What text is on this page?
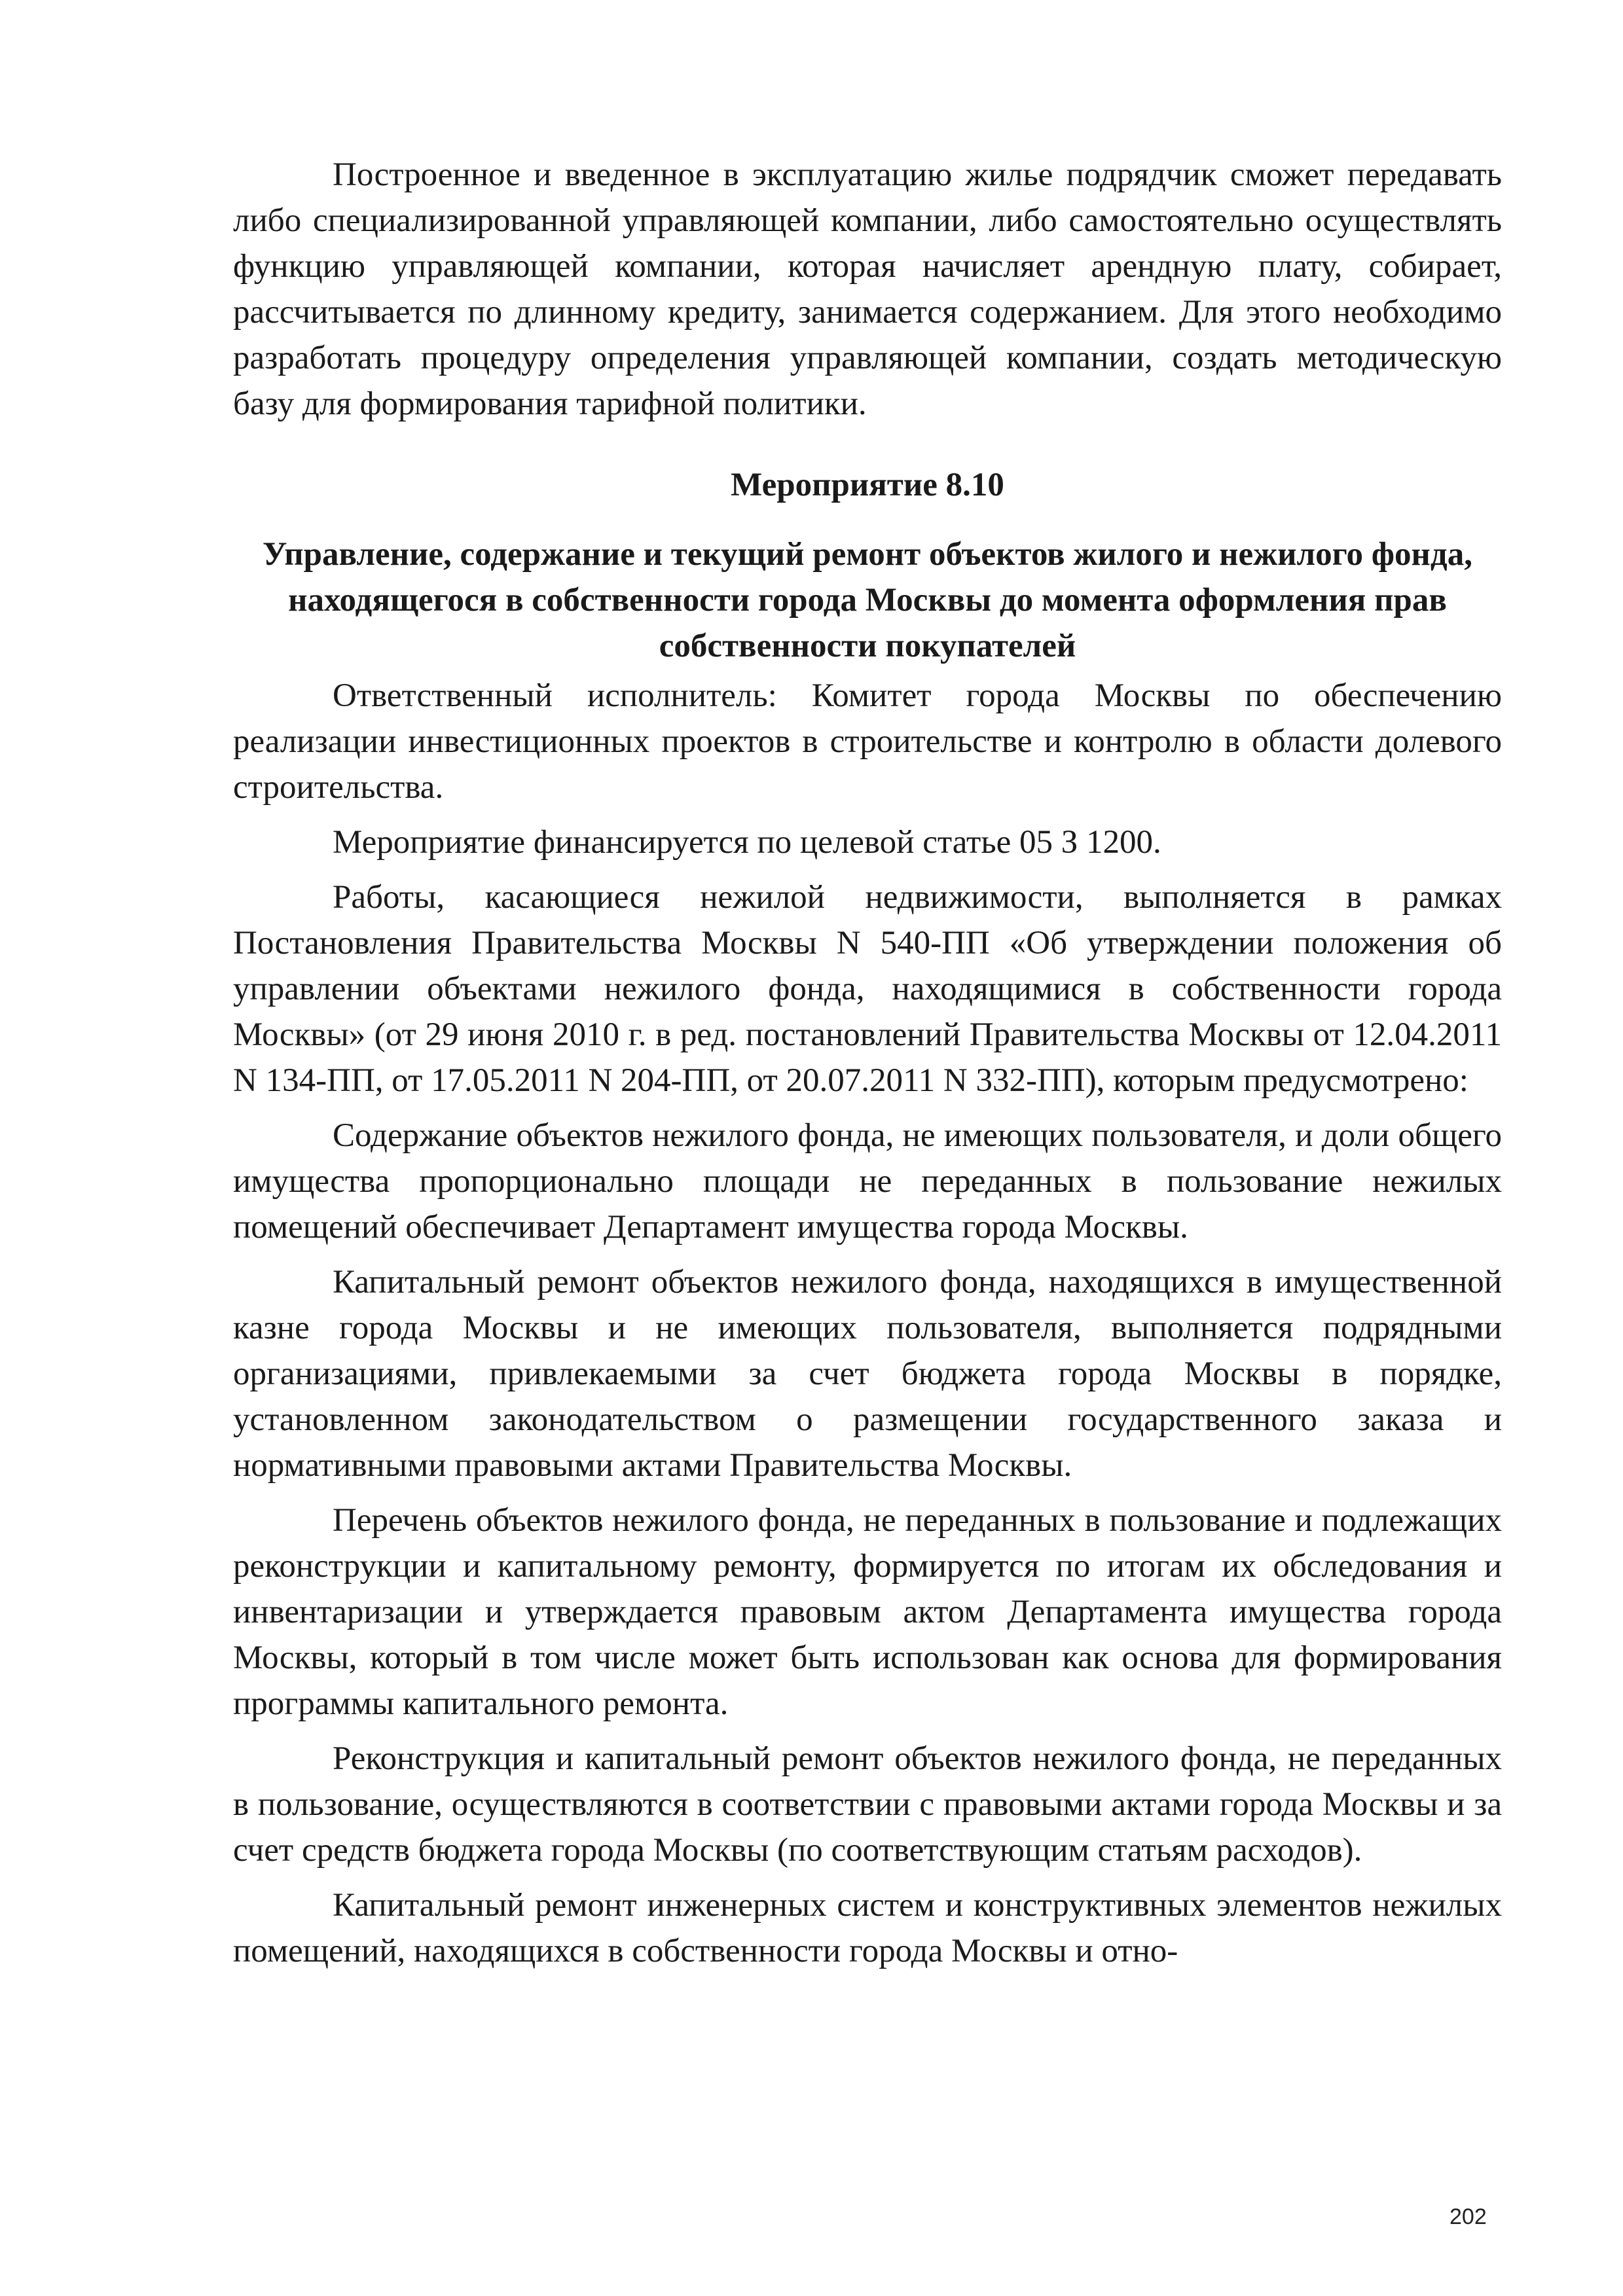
Построенное и введенное в эксплуатацию жилье подрядчик сможет передавать либо специализированной управляющей компании, либо самостоятельно осуществлять функцию управляющей компании, которая начисляет арендную плату, собирает, рассчитывается по длинному кредиту, занимается содержанием. Для этого необходимо разработать процедуру определения управляющей компании, создать методическую базу для формирования тарифной политики.

Мероприятие 8.10
Управление, содержание и текущий ремонт объектов жилого и нежилого фонда, находящегося в собственности города Москвы до момента оформления прав собственности покупателей

Ответственный исполнитель: Комитет города Москвы по обеспечению реализации инвестиционных проектов в строительстве и контролю в области долевого строительства.

Мероприятие финансируется по целевой статье 05 З 1200.

Работы, касающиеся нежилой недвижимости, выполняется в рамках Постановления Правительства Москвы N 540-ПП «Об утверждении положения об управлении объектами нежилого фонда, находящимися в собственности города Москвы» (от 29 июня 2010 г. в ред. постановлений Правительства Москвы от 12.04.2011 N 134-ПП, от 17.05.2011 N 204-ПП, от 20.07.2011 N 332-ПП), которым предусмотрено:

Содержание объектов нежилого фонда, не имеющих пользователя, и доли общего имущества пропорционально площади не переданных в пользование нежилых помещений обеспечивает Департамент имущества города Москвы.

Капитальный ремонт объектов нежилого фонда, находящихся в имущественной казне города Москвы и не имеющих пользователя, выполняется подрядными организациями, привлекаемыми за счет бюджета города Москвы в порядке, установленном законодательством о размещении государственного заказа и нормативными правовыми актами Правительства Москвы.

Перечень объектов нежилого фонда, не переданных в пользование и подлежащих реконструкции и капитальному ремонту, формируется по итогам их обследования и инвентаризации и утверждается правовым актом Департамента имущества города Москвы, который в том числе может быть использован как основа для формирования программы капитального ремонта.

Реконструкция и капитальный ремонт объектов нежилого фонда, не переданных в пользование, осуществляются в соответствии с правовыми актами города Москвы и за счет средств бюджета города Москвы (по соответствующим статьям расходов).

Капитальный ремонт инженерных систем и конструктивных элементов нежилых помещений, находящихся в собственности города Москвы и отно-

202
